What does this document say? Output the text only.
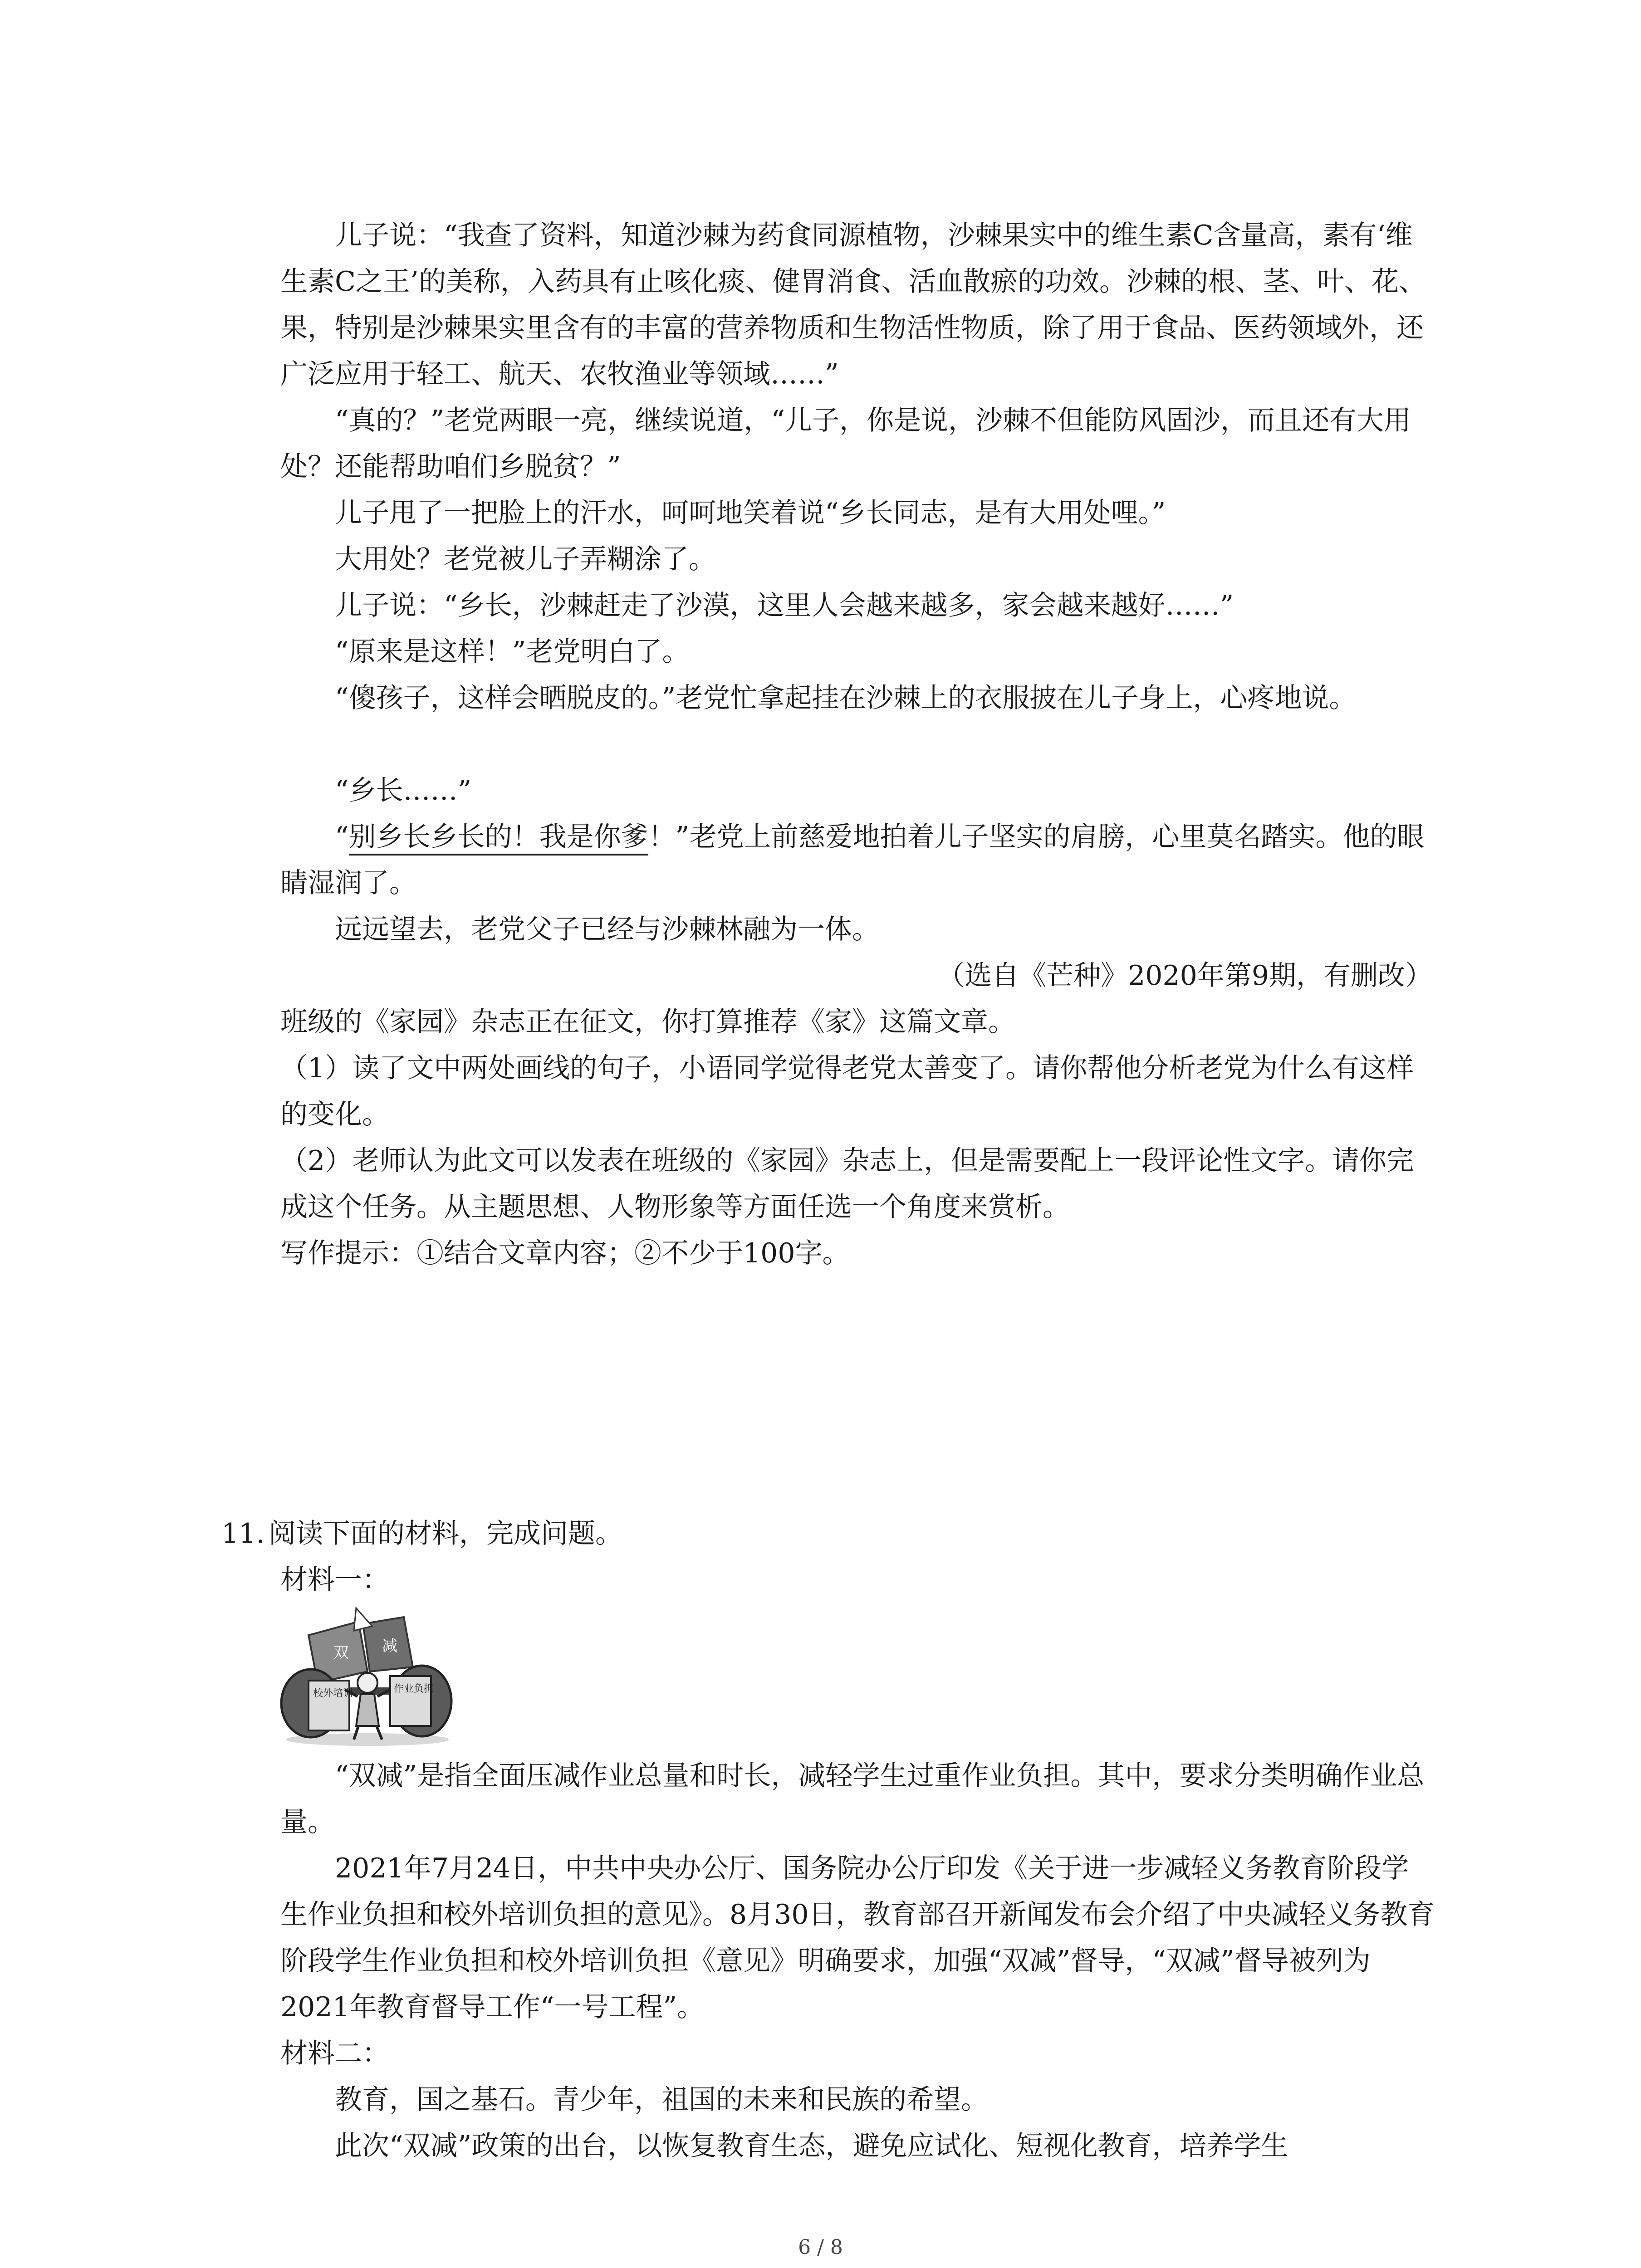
儿子说：“我查了资料，知道沙棘为药食同源植物，沙棘果实中的维生素C含量高，素有‘维生素C之王’的美称，入药具有止咳化痰、健胃消食、活血散瘀的功效。沙棘的根、茎、叶、花、果，特别是沙棘果实里含有的丰富的营养物质和生物活性物质，除了用于食品、医药领域外，还广泛应用于轻工、航天、农牧渔业等领域……”

“真的？”老党两眼一亮，继续说道，“儿子，你是说，沙棘不但能防风固沙，而且还有大用处？还能帮助咱们乡脱贫？”

儿子甩了一把脸上的汗水，呵呵地笑着说“乡长同志，是有大用处哩。”

大用处？老党被儿子弄糊涂了。

儿子说：“乡长，沙棘赶走了沙漠，这里人会越来越多，家会越来越好……”

“原来是这样！”老党明白了。

“傻孩子，这样会晒脱皮的。”老党忙拿起挂在沙棘上的衣服披在儿子身上，心疼地说。

“乡长……”

“别乡长乡长的！我是你爹！”老党上前慈爱地拍着儿子坚实的肩膀，心里莫名踏实。他的眼睛湿润了。

远远望去，老党父子已经与沙棘林融为一体。

（选自《芒种》2020年第9期，有删改）

班级的《家园》杂志正在征文，你打算推荐《家》这篇文章。

（1）读了文中两处画线的句子，小语同学觉得老党太善变了。请你帮他分析老党为什么有这样的变化。

（2）老师认为此文可以发表在班级的《家园》杂志上，但是需要配上一段评论性文字。请你完成这个任务。从主题思想、人物形象等方面任选一个角度来赏析。

写作提示：①结合文章内容；②不少于100字。

11. 阅读下面的材料，完成问题。

材料一：

双 减
校外培训	作业负担

“双减”是指全面压减作业总量和时长，减轻学生过重作业负担。其中，要求分类明确作业总量。

2021年7月24日，中共中央办公厅、国务院办公厅印发《关于进一步减轻义务教育阶段学生作业负担和校外培训负担的意见》。8月30日，教育部召开新闻发布会介绍了中央减轻义务教育阶段学生作业负担和校外培训负担《意见》明确要求，加强“双减”督导，“双减”督导被列为2021年教育督导工作“一号工程”。

材料二：

教育，国之基石。青少年，祖国的未来和民族的希望。

此次“双减”政策的出台，以恢复教育生态，避免应试化、短视化教育，培养学生

6 / 8
